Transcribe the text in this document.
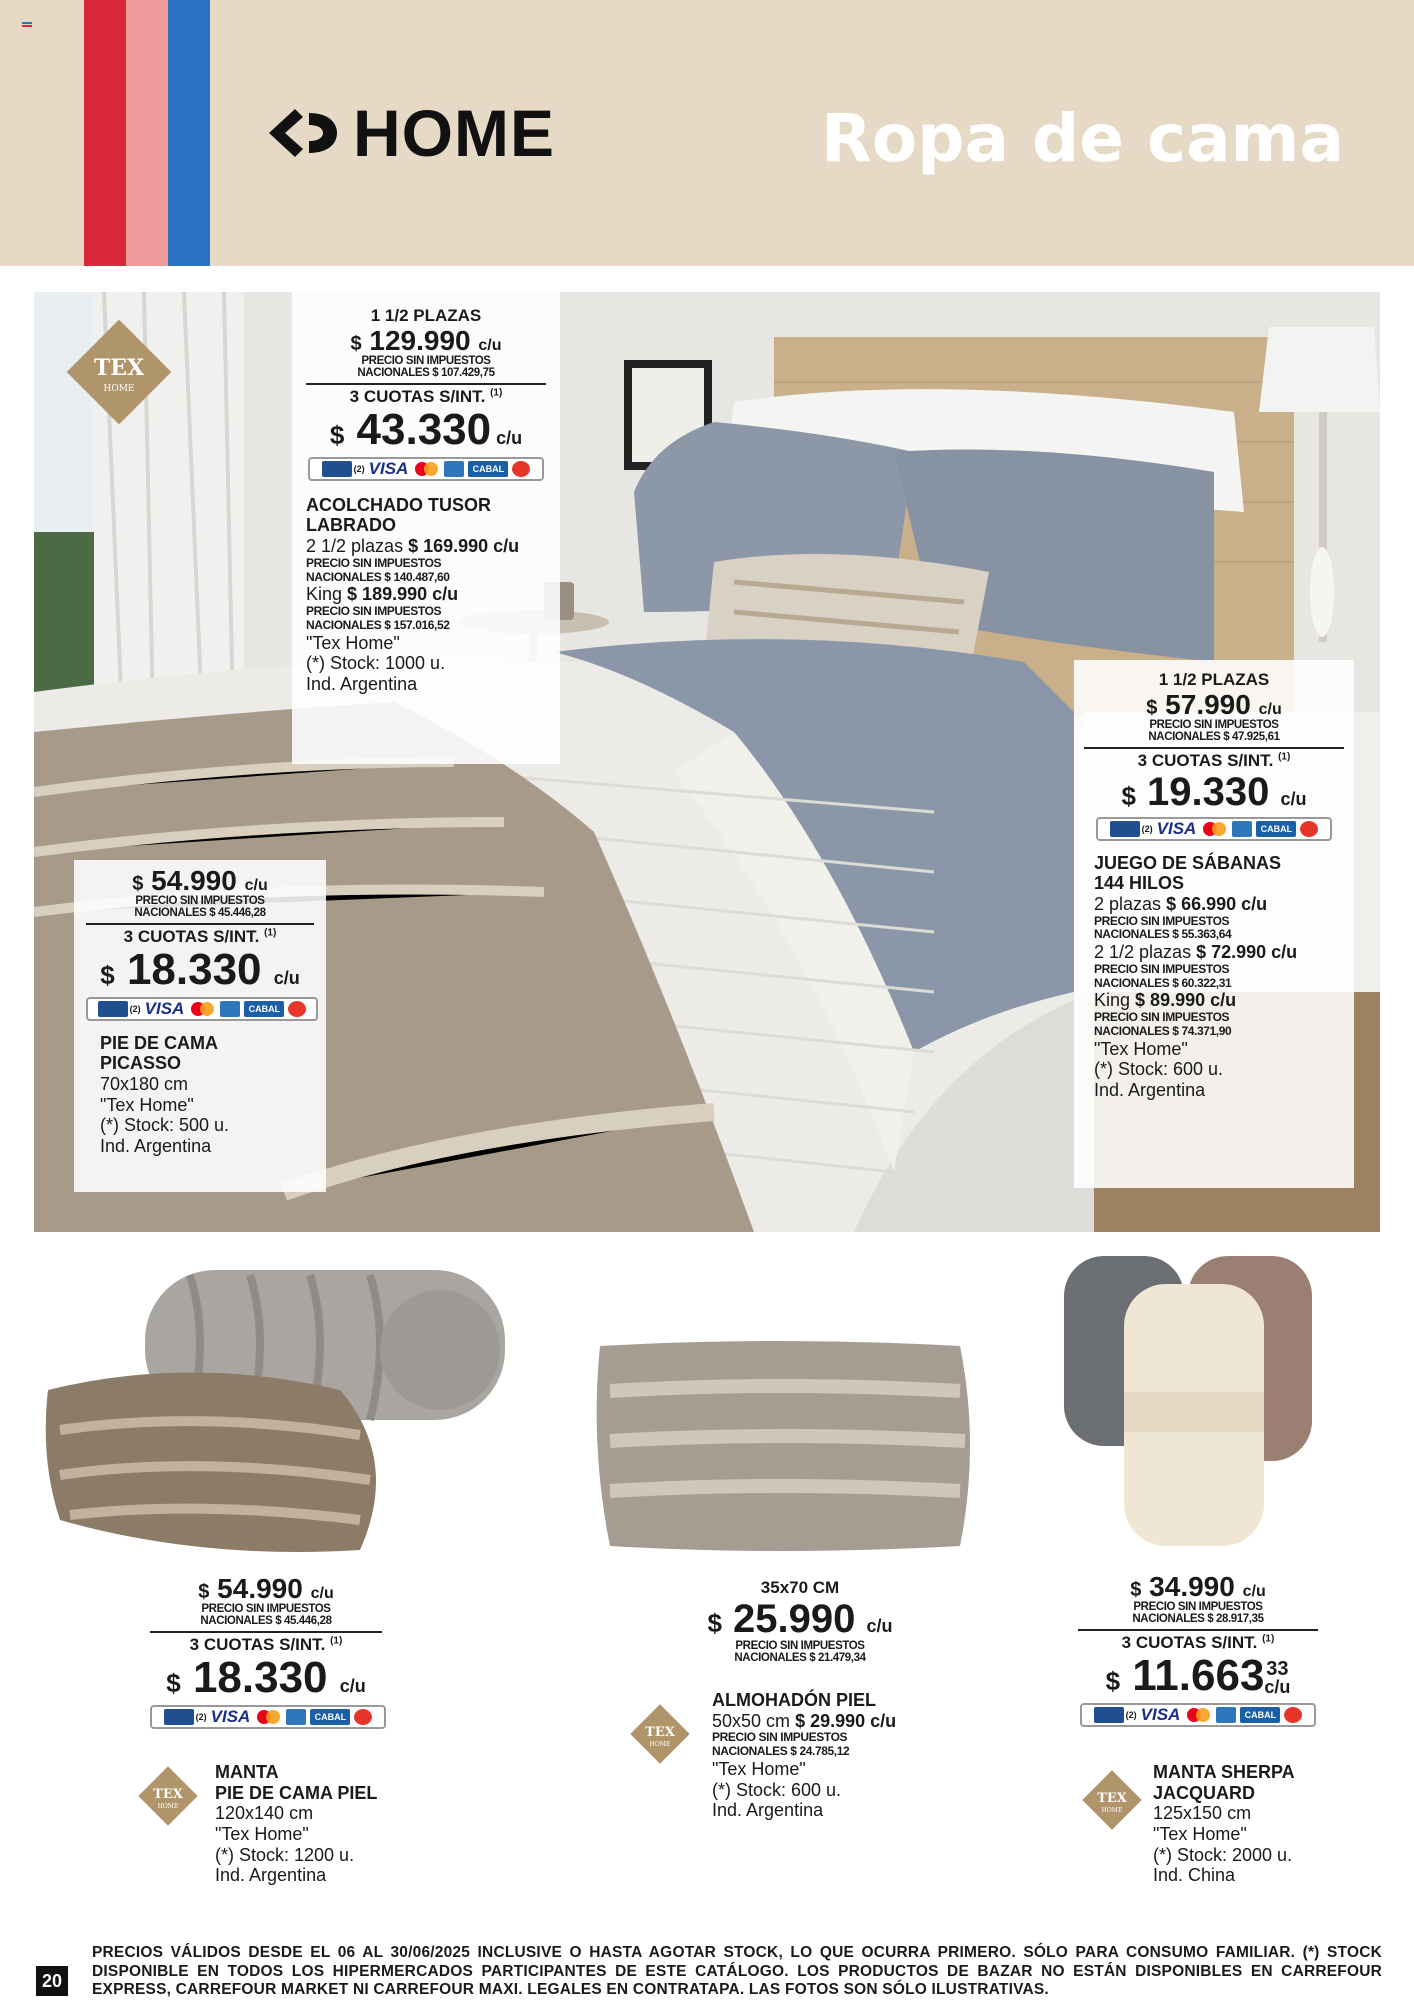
HOME	Ropa de cama
TEX
HOME
1 1/2 PLAZAS
$ 129.990 c/u
PRECIO SIN IMPUESTOS
NACIONALES $ 107.429,75
3 CUOTAS S/INT. $^{(1)}$
$ 43.330 c/u
(2) VISA	CABAL
ACOLCHADO TUSOR LABRADO
2 1/2 plazas $ 169.990 c/u
PRECIO SIN IMPUESTOS
NACIONALES $ 140.487,60
King $ 189.990 c/u
PRECIO SIN IMPUESTOS
NACIONALES $ 157.016,52
"Tex Home"
(*) Stock: 1000 u.
Ind. Argentina
$ 54.990 c/u
PRECIO SIN IMPUESTOS
NACIONALES $ 45.446,28
3 CUOTAS S/INT. $^{(1)}$
$ 18.330 c/u
(2) VISA	CABAL
PIE DE CAMA
PICASSO
70x180 cm
"Tex Home"
(*) Stock: 500 u.
Ind. Argentina
1 1/2 PLAZAS
$ 57.990 c/u
PRECIO SIN IMPUESTOS
NACIONALES $ 47.925,61
3 CUOTAS S/INT. $^{(1)}$
$ 19.330 c/u
(2) VISA	CABAL
JUEGO DE SÁBANAS
144 HILOS
2 plazas $ 66.990 c/u
PRECIO SIN IMPUESTOS
NACIONALES $ 55.363,64
2 1/2 plazas $ 72.990 c/u
PRECIO SIN IMPUESTOS
NACIONALES $ 60.322,31
King $ 89.990 c/u
PRECIO SIN IMPUESTOS
NACIONALES $ 74.371,90
"Tex Home"
(*) Stock: 600 u.
Ind. Argentina
$ 54.990 c/u
PRECIO SIN IMPUESTOS
NACIONALES $ 45.446,28
3 CUOTAS S/INT. $^{(1)}$
$ 18.330 c/u
(2) VISA	CABAL
TEX
HOME
MANTA
PIE DE CAMA PIEL
120x140 cm
"Tex Home"
(*) Stock: 1200 u.
Ind. Argentina
35x70 CM
$ 25.990 c/u
PRECIO SIN IMPUESTOS
NACIONALES $ 21.479,34
TEX
HOME
ALMOHADÓN PIEL
50x50 cm $ 29.990 c/u
PRECIO SIN IMPUESTOS
NACIONALES $ 24.785,12
"Tex Home"
(*) Stock: 600 u.
Ind. Argentina
$ 34.990 c/u
PRECIO SIN IMPUESTOS
NACIONALES $ 28.917,35
3 CUOTAS S/INT. $^{(1)}$
$ 11.66333
c/u
(2) VISA	CABAL
TEX
HOME
MANTA SHERPA
JACQUARD
125x150 cm
"Tex Home"
(*) Stock: 2000 u.
Ind. China
20
PRECIOS VÁLIDOS DESDE EL 06 AL 30/06/2025 INCLUSIVE O HASTA AGOTAR STOCK, LO QUE OCURRA PRIMERO. SÓLO PARA CONSUMO FAMILIAR. (*) STOCK DISPONIBLE EN TODOS LOS HIPERMERCADOS PARTICIPANTES DE ESTE CATÁLOGO. LOS PRODUCTOS DE BAZAR NO ESTÁN DISPONIBLES EN CARREFOUR EXPRESS, CARREFOUR MARKET NI CARREFOUR MAXI. LEGALES EN CONTRATAPA. LAS FOTOS SON SÓLO ILUSTRATIVAS.
